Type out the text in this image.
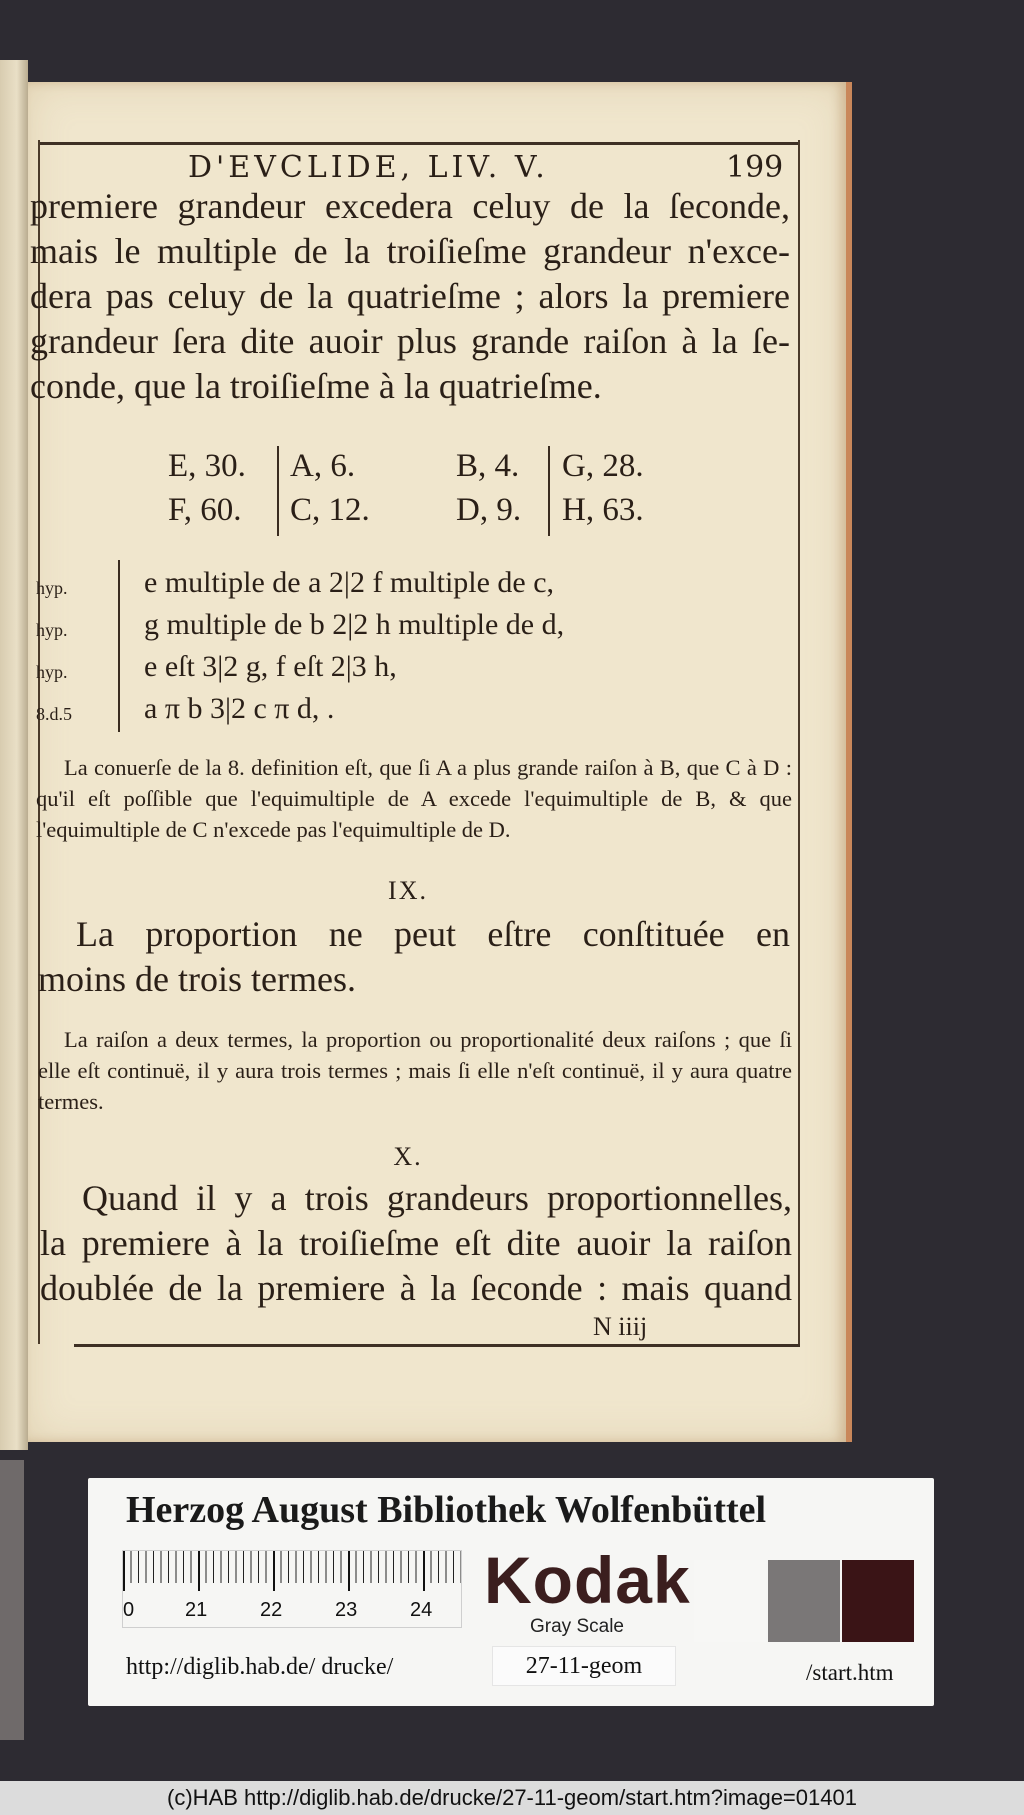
D'EVCLIDE, LIV. V.	199
premiere grandeur excedera celuy de la ſeconde,
mais le multiple de la troiſieſme grandeur n'exce-
dera pas celuy de la quatrieſme ; alors la premiere
grandeur ſera dite auoir plus grande raiſon à la ſe-
conde, que la troiſieſme à la quatrieſme.
E, 30. A, 6.	B, 4. G, 28.
F, 60. C, 12.	D, 9. H, 63.
hyp.	e multiple de a 2|2 f multiple de c,
hyp.	g multiple de b 2|2 h multiple de d,
hyp.	e eſt 3|2 g, f eſt 2|3 h,
8.d.5	a π b 3|2 c π d, .
La conuerſe de la 8. definition eſt, que ſi A a plus grande raiſon à B, que C à D : qu'il eſt poſſible que l'equimultiple de A excede l'equimultiple de B, & que l'equimultiple de C n'excede pas l'equimultiple de D.
IX.
La proportion ne peut eſtre conſtituée en
moins de trois termes.
La raiſon a deux termes, la proportion ou proportionalité deux raiſons ; que ſi elle eſt continuë, il y aura trois termes ; mais ſi elle n'eſt continuë, il y aura quatre termes.
X.
Quand il y a trois grandeurs proportionnelles,
la premiere à la troiſieſme eſt dite auoir la raiſon
doublée de la premiere à la ſeconde : mais quand
N iiij
Herzog August Bibliothek Wolfenbüttel
0	21	22	23	24 Kodak
Gray Scale
http://diglib.hab.de/ drucke/	27-11-geom	/start.htm
(c)HAB http://diglib.hab.de/drucke/27-11-geom/start.htm?image=01401
